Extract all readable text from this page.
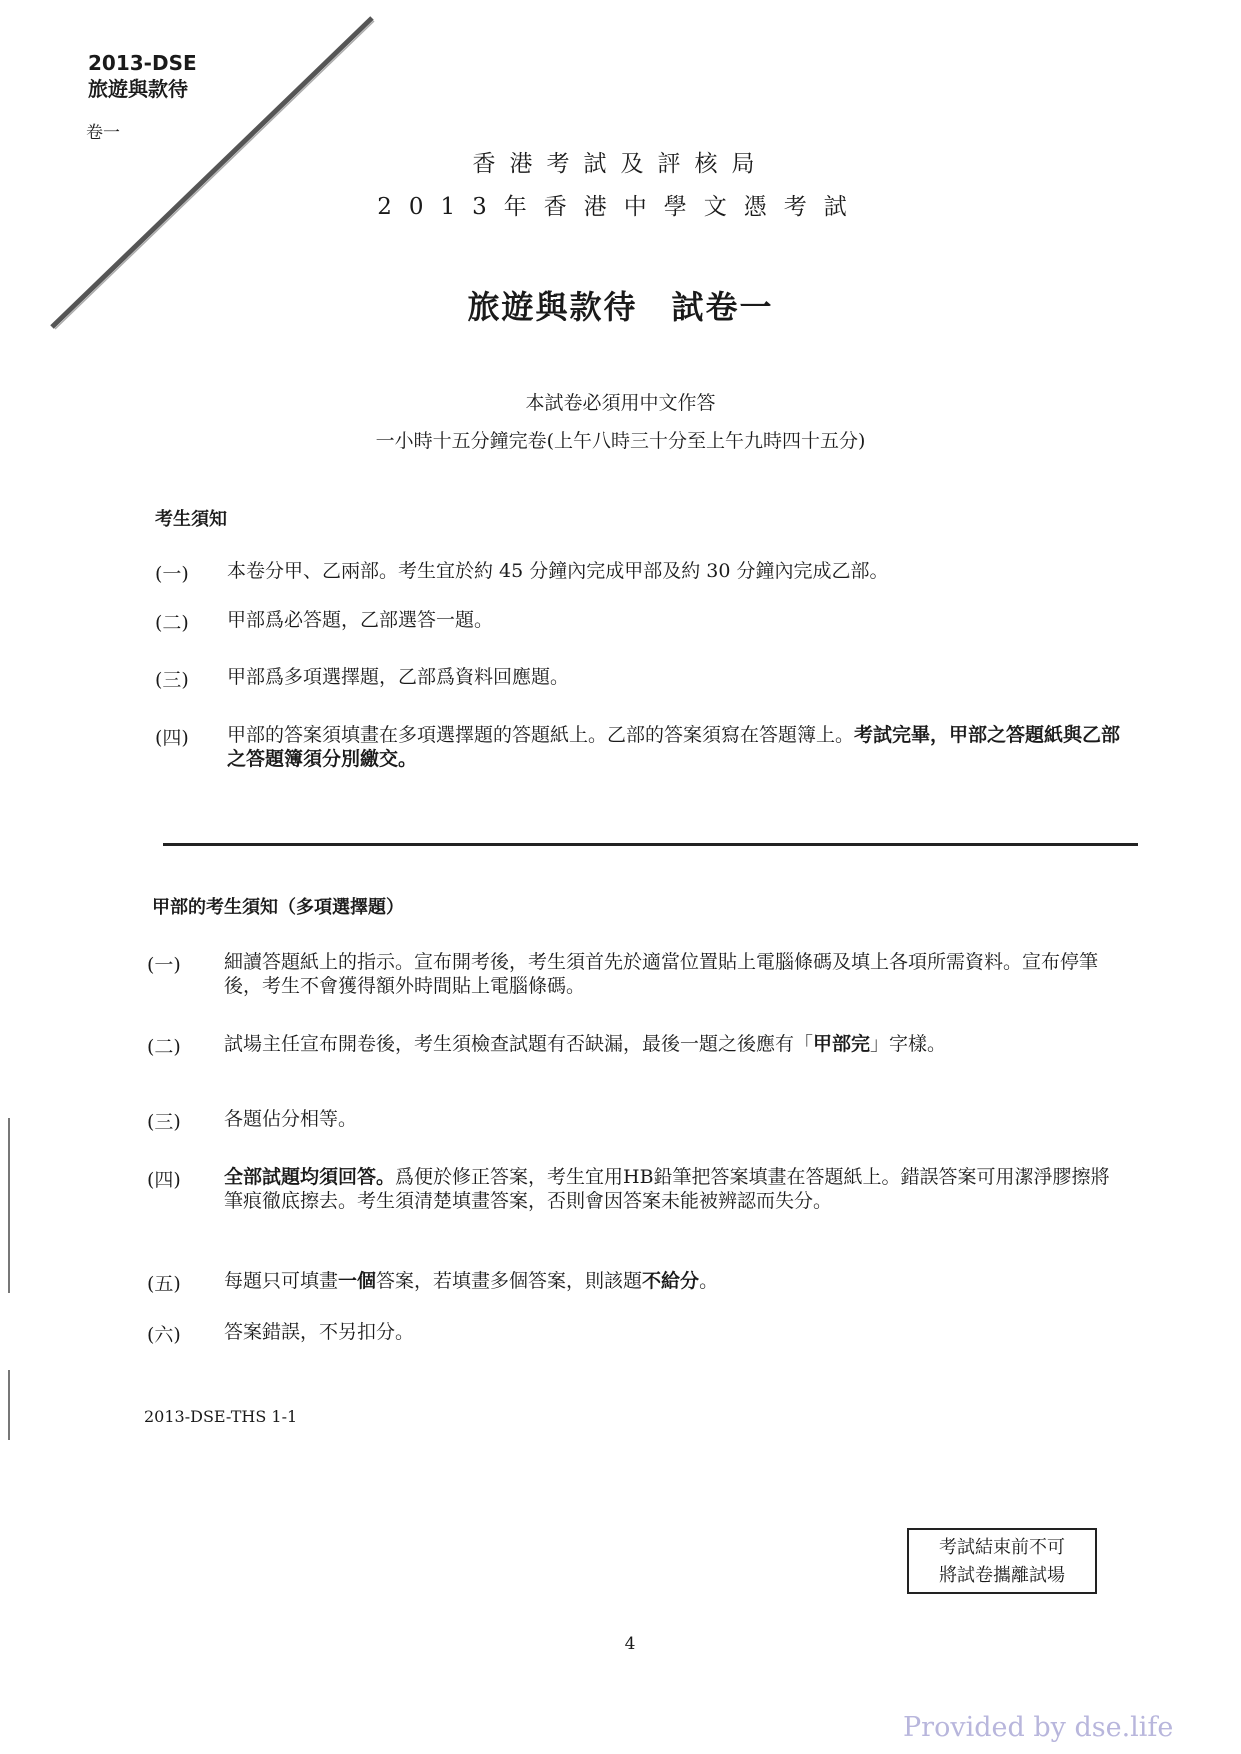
2013-DSE
旅遊與款待
卷一
香港考試及評核局
2013年香港中學文憑考試
旅遊與款待　試卷一
本試卷必須用中文作答
一小時十五分鐘完卷(上午八時三十分至上午九時四十五分)
考生須知
(一) 本卷分甲、乙兩部。考生宜於約 45 分鐘內完成甲部及約 30 分鐘內完成乙部。
(二) 甲部爲必答題，乙部選答一題。
(三) 甲部爲多項選擇題，乙部爲資料回應題。
(四) 甲部的答案須填畫在多項選擇題的答題紙上。乙部的答案須寫在答題簿上。考試完畢，甲部之答題紙與乙部之答題簿須分別繳交。
甲部的考生須知（多項選擇題）
(一) 細讀答題紙上的指示。宣布開考後，考生須首先於適當位置貼上電腦條碼及填上各項所需資料。宣布停筆後，考生不會獲得額外時間貼上電腦條碼。
(二) 試場主任宣布開卷後，考生須檢查試題有否缺漏，最後一題之後應有「甲部完」字樣。
(三) 各題佔分相等。
(四) 全部試題均須回答。爲便於修正答案，考生宜用HB鉛筆把答案填畫在答題紙上。錯誤答案可用潔淨膠擦將筆痕徹底擦去。考生須清楚填畫答案，否則會因答案未能被辨認而失分。
(五) 每題只可填畫一個答案，若填畫多個答案，則該題不給分。
(六) 答案錯誤，不另扣分。
考試結束前不可
將試卷攜離試場
2013-DSE-THS 1-1
4
Provided by dse.life
